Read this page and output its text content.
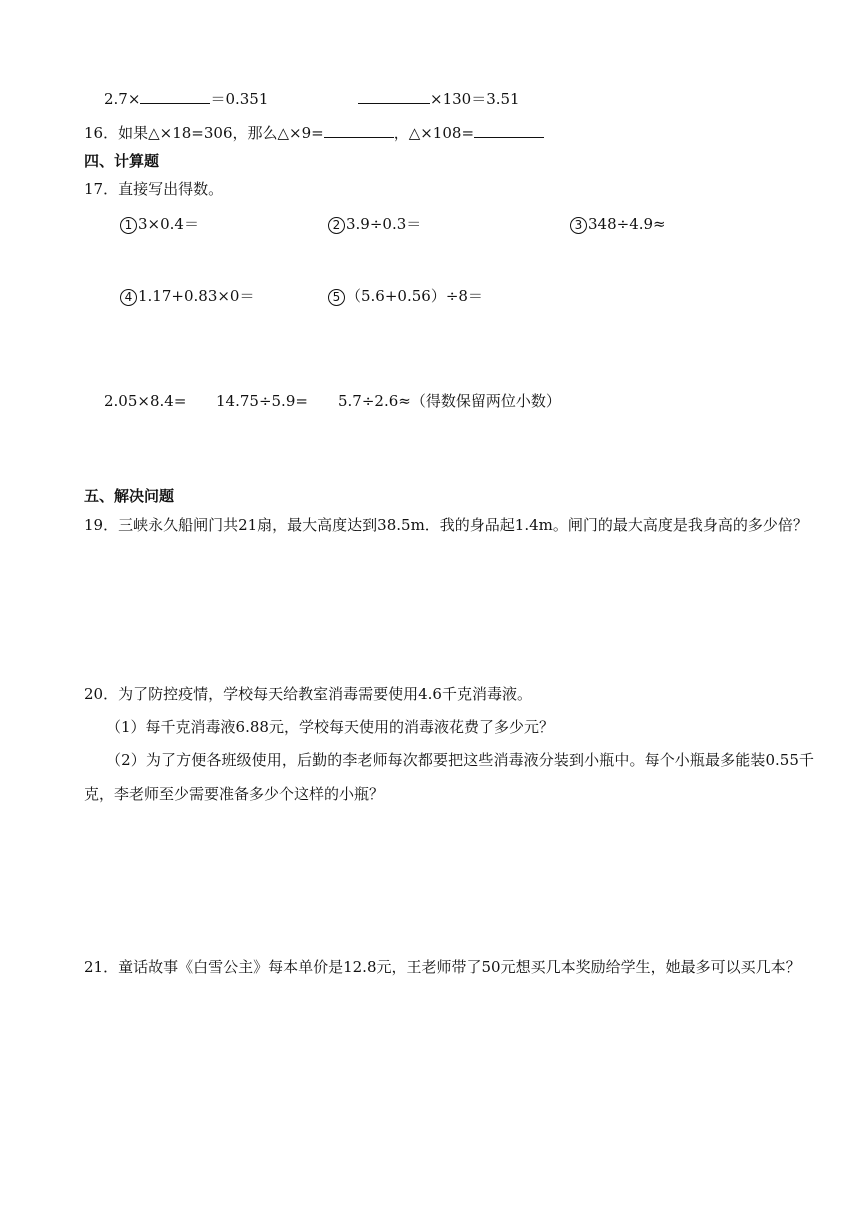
2.7×	＝0.351	×130＝3.51
16．如果△×18=306，那么△×9=	，△×108=
四、计算题
17．直接写出得数。
1 3×0.4＝	2 3.9÷0.3＝	3 348÷4.9≈
4 1.17+0.83×0＝	5 （5.6+0.56）÷8＝
2.05×8.4= 14.75÷5.9= 5.7÷2.6≈（得数保留两位小数）
五、解决问题
19．三峡永久船闸门共21扇，最大高度达到38.5m．我的身品起1.4m。闸门的最大高度是我身高的多少倍？
20．为了防控疫情，学校每天给教室消毒需要使用4.6千克消毒液。
（1）每千克消毒液6.88元，学校每天使用的消毒液花费了多少元？
（2）为了方便各班级使用，后勤的李老师每次都要把这些消毒液分装到小瓶中。每个小瓶最多能装0.55千克，李老师至少需要准备多少个这样的小瓶？
21．童话故事《白雪公主》每本单价是12.8元，王老师带了50元想买几本奖励给学生，她最多可以买几本？
